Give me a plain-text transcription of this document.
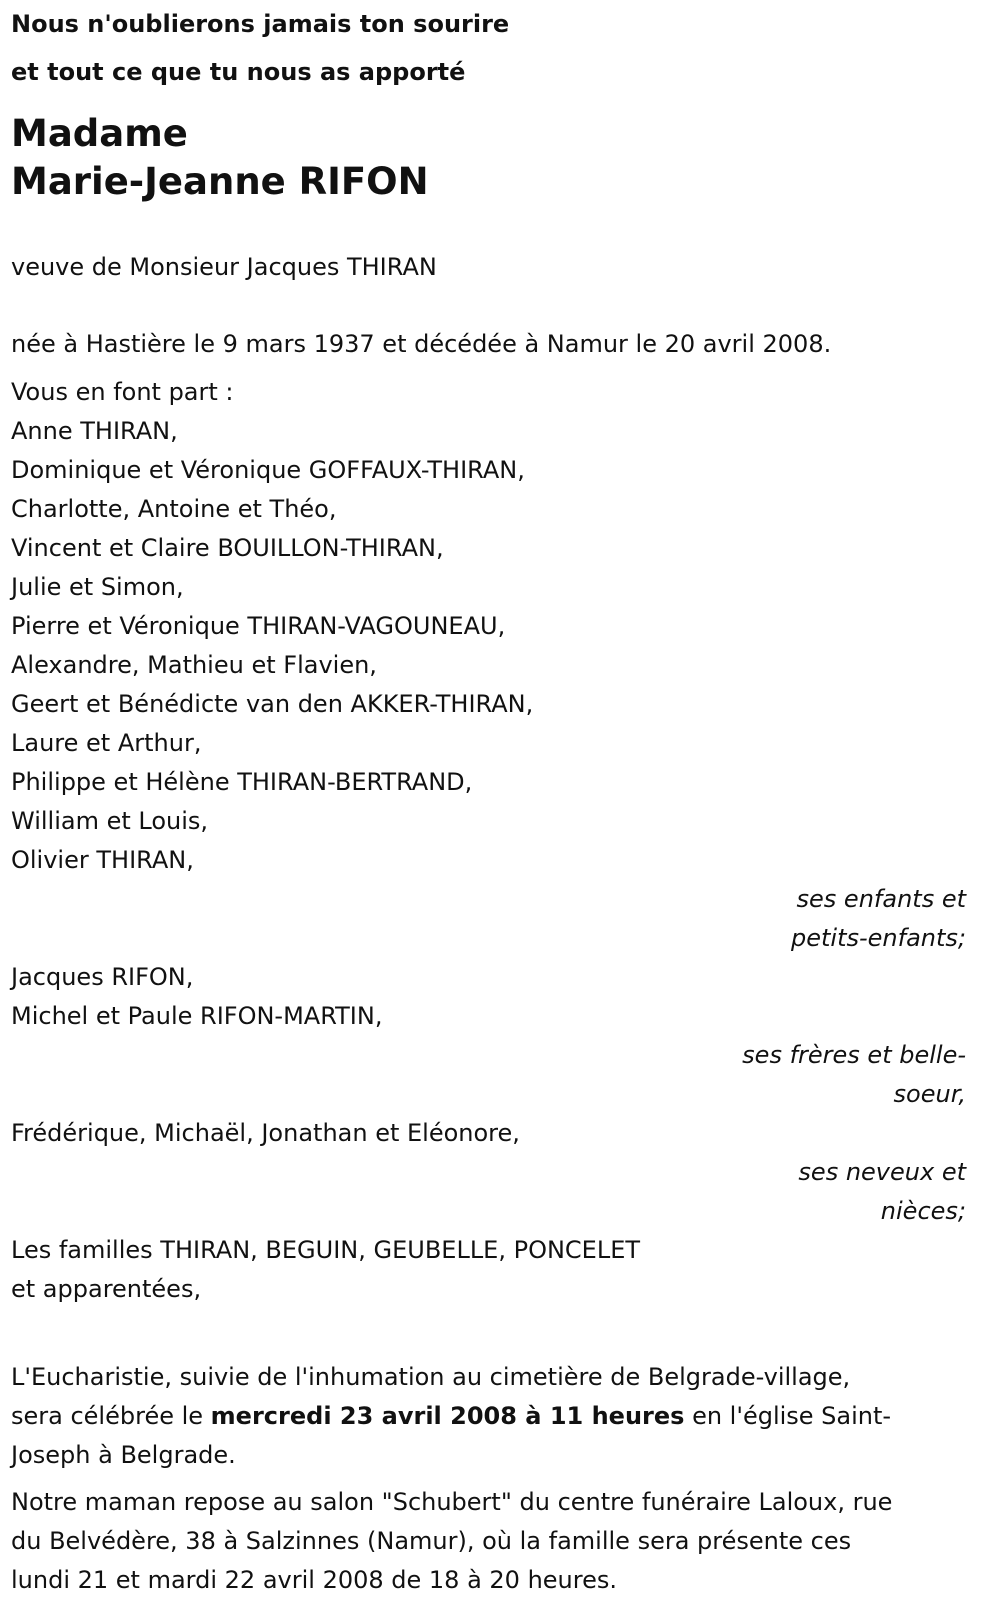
Nous n'oublierons jamais ton sourire
et tout ce que tu nous as apporté

Madame
Marie-Jeanne RIFON
veuve de Monsieur Jacques THIRAN
née à Hastière le 9 mars 1937 et décédée à Namur le 20 avril 2008.
Vous en font part :
Anne THIRAN,
Dominique et Véronique GOFFAUX-THIRAN,
Charlotte, Antoine et Théo,
Vincent et Claire BOUILLON-THIRAN,
Julie et Simon,
Pierre et Véronique THIRAN-VAGOUNEAU,
Alexandre, Mathieu et Flavien,
Geert et Bénédicte van den AKKER-THIRAN,
Laure et Arthur,
Philippe et Hélène THIRAN-BERTRAND,
William et Louis,
Olivier THIRAN,
ses enfants et
petits-enfants;
Jacques RIFON,
Michel et Paule RIFON-MARTIN,
ses frères et belle-
soeur,
Frédérique, Michaël, Jonathan et Eléonore,
ses neveux et
nièces;
Les familles THIRAN, BEGUIN, GEUBELLE, PONCELET
et apparentées,
L'Eucharistie, suivie de l'inhumation au cimetière de Belgrade-village,
sera célébrée le mercredi 23 avril 2008 à 11 heures en l'église Saint-
Joseph à Belgrade.
Notre maman repose au salon "Schubert" du centre funéraire Laloux, rue
du Belvédère, 38 à Salzinnes (Namur), où la famille sera présente ces
lundi 21 et mardi 22 avril 2008 de 18 à 20 heures.
